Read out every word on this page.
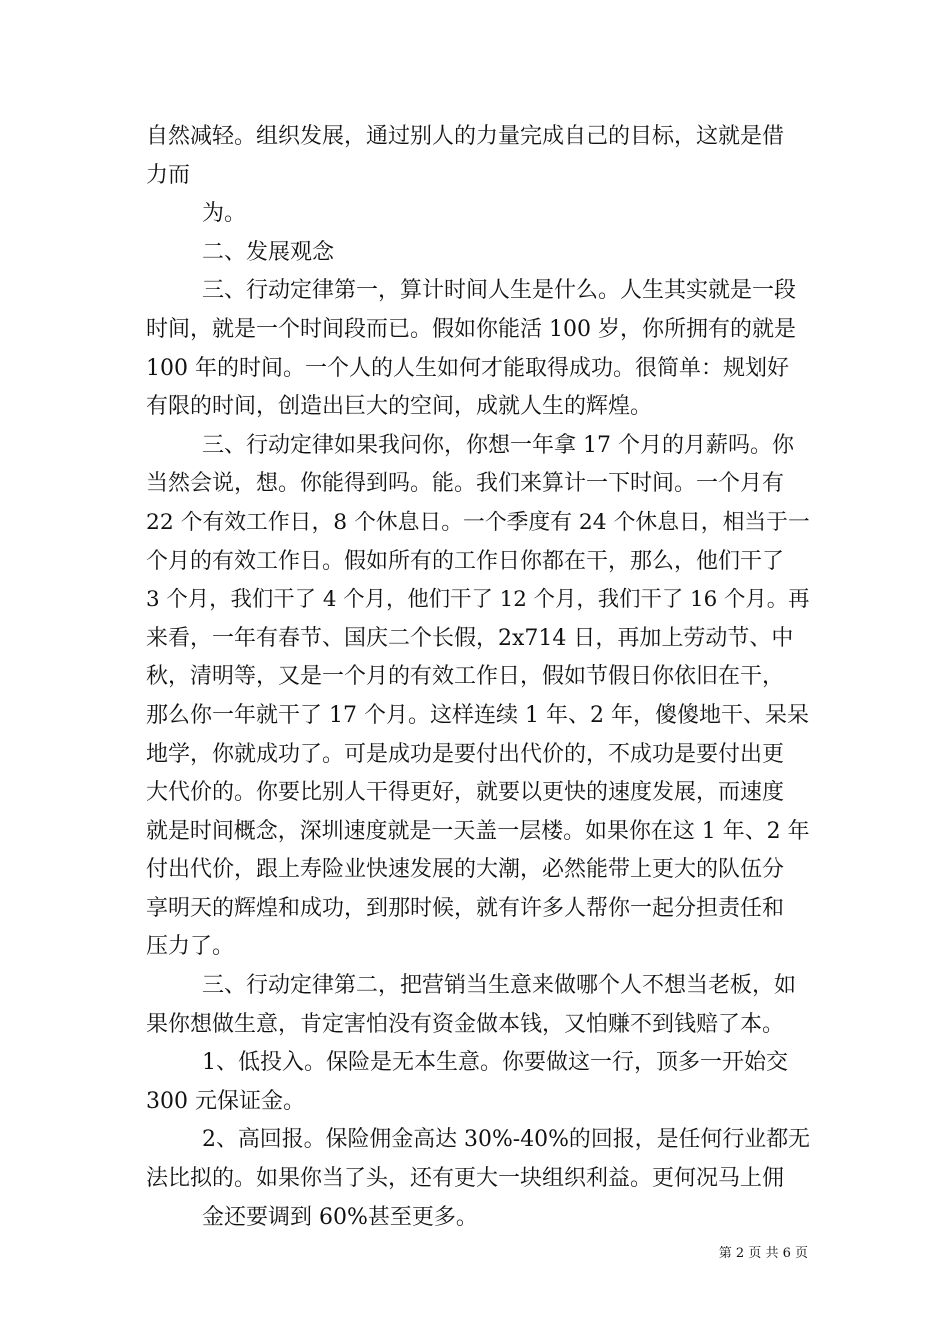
自然减轻。组织发展，通过别人的力量完成自己的目标，这就是借
力而
为。
二、发展观念
三、行动定律第一，算计时间人生是什么。人生其实就是一段
时间，就是一个时间段而已。假如你能活 100 岁，你所拥有的就是
100 年的时间。一个人的人生如何才能取得成功。很简单：规划好
有限的时间，创造出巨大的空间，成就人生的辉煌。
三、行动定律如果我问你，你想一年拿 17 个月的月薪吗。你
当然会说，想。你能得到吗。能。我们来算计一下时间。一个月有
22 个有效工作日，8 个休息日。一个季度有 24 个休息日，相当于一
个月的有效工作日。假如所有的工作日你都在干，那么，他们干了
3 个月，我们干了 4 个月，他们干了 12 个月，我们干了 16 个月。再
来看，一年有春节、国庆二个长假，2x714 日，再加上劳动节、中
秋，清明等，又是一个月的有效工作日，假如节假日你依旧在干，
那么你一年就干了 17 个月。这样连续 1 年、2 年，傻傻地干、呆呆
地学，你就成功了。可是成功是要付出代价的，不成功是要付出更
大代价的。你要比别人干得更好，就要以更快的速度发展，而速度
就是时间概念，深圳速度就是一天盖一层楼。如果你在这 1 年、2 年
付出代价，跟上寿险业快速发展的大潮，必然能带上更大的队伍分
享明天的辉煌和成功，到那时候，就有许多人帮你一起分担责任和
压力了。
三、行动定律第二，把营销当生意来做哪个人不想当老板，如
果你想做生意，肯定害怕没有资金做本钱，又怕赚不到钱赔了本。
1、低投入。保险是无本生意。你要做这一行，顶多一开始交
300 元保证金。
2、高回报。保险佣金高达 30%-40%的回报，是任何行业都无
法比拟的。如果你当了头，还有更大一块组织利益。更何况马上佣
金还要调到 60%甚至更多。
第 2 页 共 6 页
